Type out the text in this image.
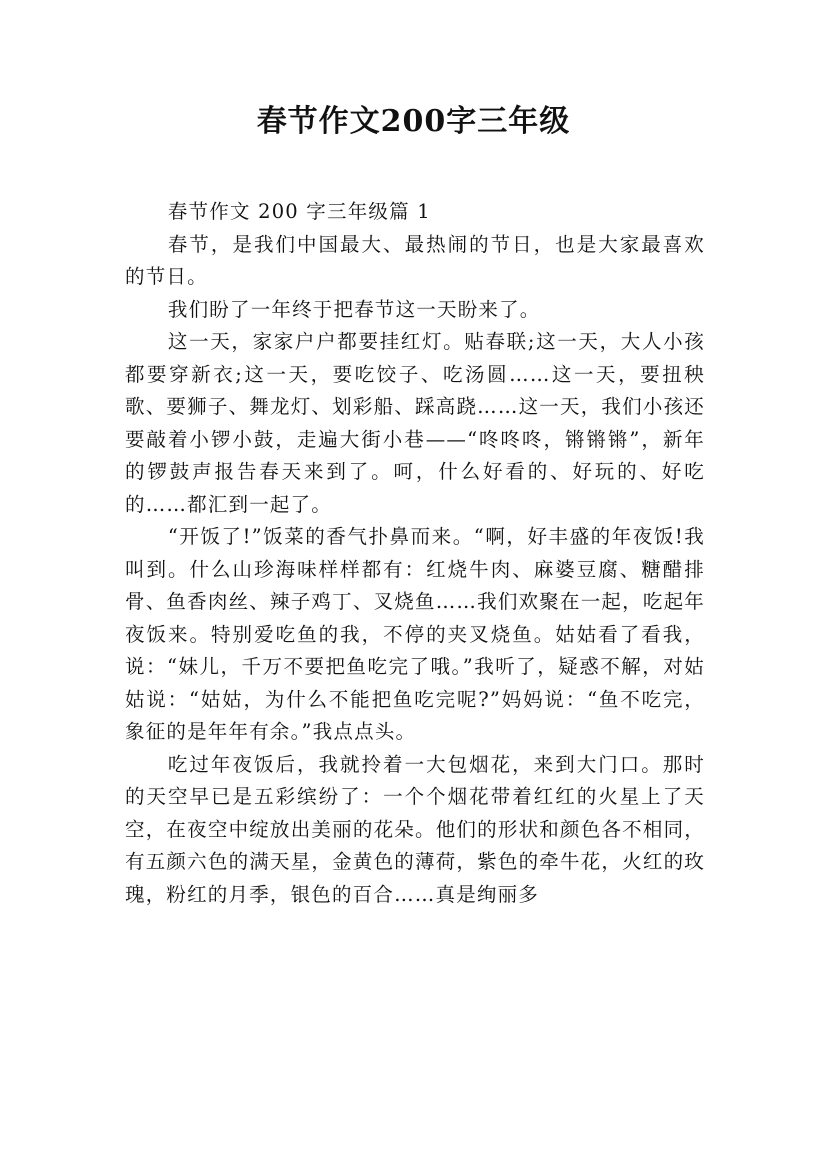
春节作文200字三年级

春节作文 200 字三年级篇 1

春节，是我们中国最大、最热闹的节日，也是大家最喜欢的节日。

我们盼了一年终于把春节这一天盼来了。

这一天，家家户户都要挂红灯。贴春联;这一天，大人小孩都要穿新衣;这一天，要吃饺子、吃汤圆……这一天，要扭秧歌、要狮子、舞龙灯、划彩船、踩高跷……这一天，我们小孩还要敲着小锣小鼓，走遍大街小巷——“咚咚咚，锵锵锵”，新年的锣鼓声报告春天来到了。呵，什么好看的、好玩的、好吃的……都汇到一起了。

“开饭了!”饭菜的香气扑鼻而来。“啊，好丰盛的年夜饭!我叫到。什么山珍海味样样都有：红烧牛肉、麻婆豆腐、糖醋排骨、鱼香肉丝、辣子鸡丁、叉烧鱼……我们欢聚在一起，吃起年夜饭来。特别爱吃鱼的我，不停的夹叉烧鱼。姑姑看了看我，说：“妹儿，千万不要把鱼吃完了哦。”我听了，疑惑不解，对姑姑说：“姑姑，为什么不能把鱼吃完呢?”妈妈说：“鱼不吃完，象征的是年年有余。”我点点头。

吃过年夜饭后，我就拎着一大包烟花，来到大门口。那时的天空早已是五彩缤纷了：一个个烟花带着红红的火星上了天空，在夜空中绽放出美丽的花朵。他们的形状和颜色各不相同，有五颜六色的满天星，金黄色的薄荷，紫色的牵牛花，火红的玫瑰，粉红的月季，银色的百合……真是绚丽多
